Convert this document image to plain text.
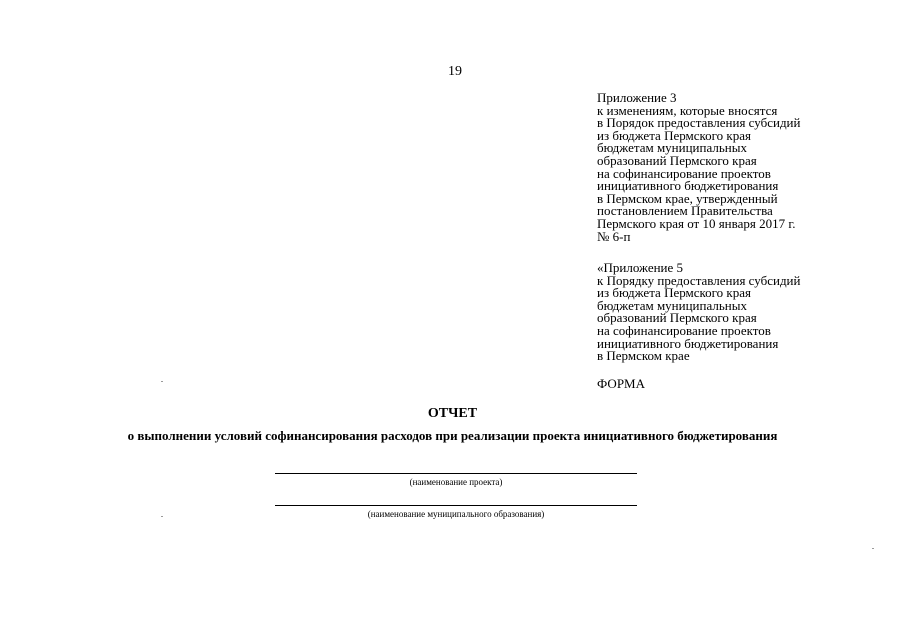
19
Приложение 3
к изменениям, которые вносятся
в Порядок предоставления субсидий
из бюджета Пермского края
бюджетам муниципальных
образований Пермского края
на софинансирование проектов
инициативного бюджетирования
в Пермском крае, утвержденный
постановлением Правительства
Пермского края от 10 января 2017 г.
№ 6-п
«Приложение 5
к Порядку предоставления субсидий
из бюджета Пермского края
бюджетам муниципальных
образований Пермского края
на софинансирование проектов
инициативного бюджетирования
в Пермском крае
ФОРМА
ОТЧЕТ
о выполнении условий софинансирования расходов при реализации проекта инициативного бюджетирования
(наименование проекта)
(наименование муниципального образования)
